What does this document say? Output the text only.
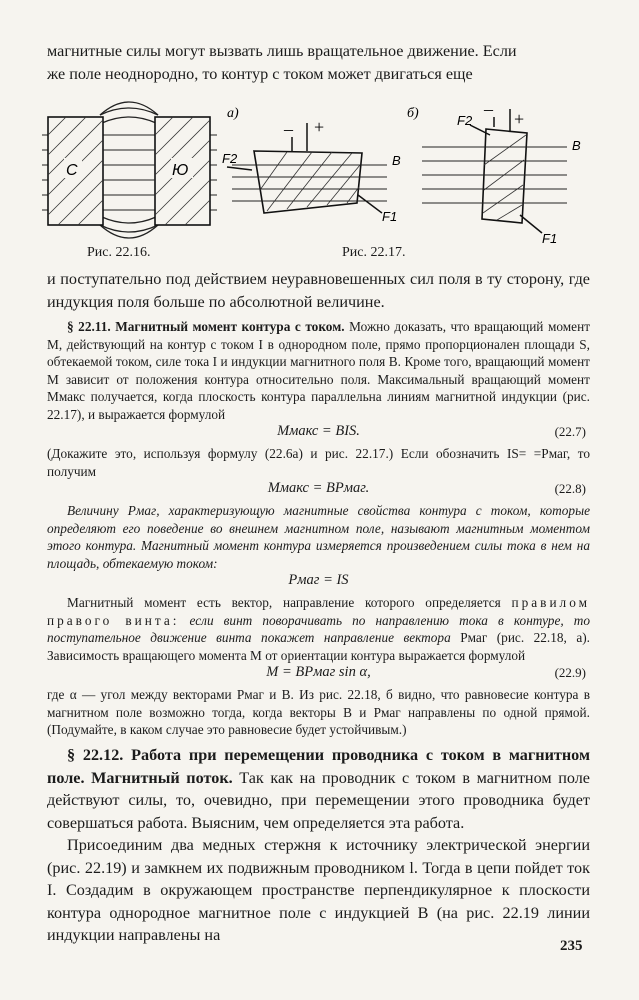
магнитные силы могут вызвать лишь вращательное движение. Если

же поле неоднородно, то контур с током может двигаться еще

С	Ю
Рис. 22.16.
а)
– +
F2	B
F1
Рис. 22.17.
б)	– +
F2
B
F1

и поступательно под действием неуравновешенных сил поля в ту сторону, где индукция поля больше по абсолютной величине.

§ 22.11. Магнитный момент контура с током. Можно доказать, что вращающий момент M, действующий на контур с током I в однородном поле, прямо пропорционален площади S, обтекаемой током, силе тока I и индукции магнитного поля B. Кроме того, вращающий момент M зависит от положения контура относительно поля. Максимальный вращающий момент Mмакс получается, когда плоскость контура параллельна линиям магнитной индукции (рис. 22.17), и выражается формулой

Mмакс = BIS.	(22.7)

(Докажите это, используя формулу (22.6а) и рис. 22.17.) Если обозначить IS= =Pмаг, то получим

Mмакс = BPмаг.	(22.8)

Величину Pмаг, характеризующую магнитные свойства контура с током, которые определяют его поведение во внешнем магнитном поле, называют магнитным моментом этого контура. Магнитный момент контура измеряется произведением силы тока в нем на площадь, обтекаемую током:

Pмаг = IS

Магнитный момент есть вектор, направление которого определяется правилом правого винта: если винт поворачивать по направлению тока в контуре, то поступательное движение винта покажет направление вектора Pмаг (рис. 22.18, а). Зависимость вращающего момента M от ориентации контура выражается формулой

M = BPмаг sin α,	(22.9)

где α — угол между векторами Pмаг и B. Из рис. 22.18, б видно, что равновесие контура в магнитном поле возможно тогда, когда векторы B и Pмаг направлены по одной прямой. (Подумайте, в каком случае это равновесие будет устойчивым.)

§ 22.12. Работа при перемещении проводника с током в магнитном поле. Магнитный поток. Так как на проводник с током в магнитном поле действуют силы, то, очевидно, при перемещении этого проводника будет совершаться работа. Выясним, чем определяется эта работа.

Присоединим два медных стержня к источнику электрической энергии (рис. 22.19) и замкнем их подвижным проводником l. Тогда в цепи пойдет ток I. Создадим в окружающем пространстве перпендикулярное к плоскости контура однородное магнитное поле с индукцией B (на рис. 22.19 линии индукции направлены на

235
